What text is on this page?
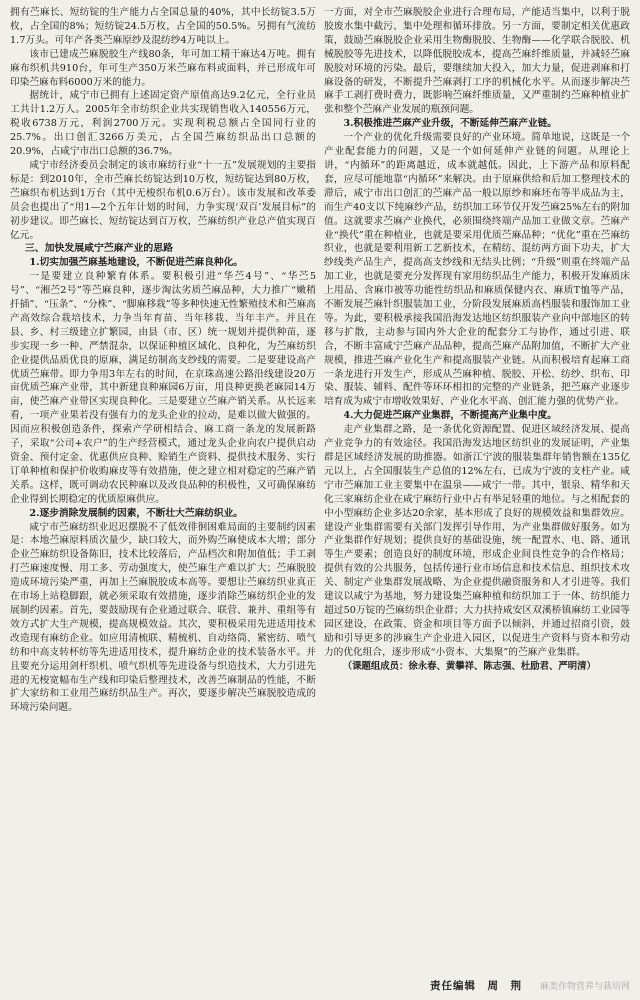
拥有苎麻长、短纺锭的生产能力占全国总量的40%，其中长纺锭3.5万枚，占全国的8%；短纺锭24.5万枚，占全国的50.5%。另拥有气流纺1.7万头。可年产各类苎麻原纱及混纺纱4万吨以上。

该市已建成苎麻脱胶生产线80条，年可加工精干麻达4万吨。拥有麻布织机共910台，年可生产350万米苎麻布料或面料，并已形成年可印染苎麻布料6000万米的能力。

据统计，咸宁市已拥有上述固定资产原值高达9.2亿元，全行业员工共计1.2万人。2005年全市纺织企业共实现销售收入140556万元，税收6738万元，利润2700万元。实现利税总额占全国同行业的25.7%。出口创汇3266万美元，占全国苎麻纺织品出口总额的20.9%，占咸宁市出口总额的36.7%。

咸宁市经济委员会制定的该市麻纺行业“十一五”发展规划的主要指标是：到2010年，全市苎麻长纺锭达到10万枚，短纺锭达到80万枚，苎麻织布机达到1万台（其中无梭织布机0.6万台）。该市发展和改革委员会也提出了“用1—2个五年计划的时间，力争实现‘双百’发展目标”的初步建议。即苎麻长、短纺锭达到百万枚，苎麻纺织产业总产值实现百亿元。

三、加快发展咸宁苎麻产业的思路

1.切实加强苎麻基地建设，不断促进苎麻良种化。

一是要建立良种繁育体系。要积极引进“华苎4号”、“华苎5号”、“湘苎2号”等苎麻良种，逐步淘汰劣质苎麻品种，大力推广“嫩稍扦插”、“压条”、“分株”、“脚麻移栽”等多种快速无性繁殖技术和苎麻高产高效综合栽培技术，力争当年育苗、当年移栽、当年丰产。并且在县、乡、村三级建立扩繁园，由县（市、区）统一规划并提供种苗，逐步实现一乡一种、严禁混杂，以保证种植区域化、良种化，为苎麻纺织企业提供品质优良的原麻，满足纺制高支纱线的需要。二是要建设高产优质苎麻带。即力争用3年左右的时间，在京珠高速公路沿线建设20万亩优质苎麻产业带，其中新建良种麻园6万亩，用良种更换老麻园14万亩，使苎麻产业带区实现良种化。三是要建立苎麻产销关系。从长远来看，一项产业果若没有强有力的龙头企业的拉动，是难以做大做强的。因而应积极创造条件，探索产学研相结合、麻工商一条龙的发展新路子，采取“公司+农户”的生产经营模式，通过龙头企业向农户提供启动资金、预付定金、优惠供应良种、赊销生产资料、提供技术服务、实行订单种植和保护价收购麻皮等有效措施，使之建立相对稳定的苎麻产销关系。这样，既可调动农民种麻以及改良品种的积极性，又可确保麻纺企业得到长期稳定的优质原麻供应。

2.逐步消除发展制约因素，不断壮大苎麻纺织业。

咸宁市苎麻纺织业迟迟摆脱不了低效徘徊困难局面的主要制约因素是：本地苎麻原料质次量少，缺口较大，而外购苎麻使成本大增；部分企业苎麻纺织设备陈旧，技术比较落后，产品档次和附加值低；手工剥打苎麻速度慢、用工多、劳动强度大，使苎麻生产难以扩大；苎麻脱胶造成环境污染严重，再加上苎麻脱胶成本高等。要想让苎麻纺织业真正在市场上站稳脚跟，就必须采取有效措施，逐步消除苎麻纺织企业的发展制约因素。首先，要鼓励现有企业通过联合、联营、兼并、重组等有效方式扩大生产规模，提高规模效益。其次，要积极采用先进适用技术改造现有麻纺企业。如应用清梳联、精梳机、自动络筒、紧密纺、喷气纺和中高支转杯纺等先进适用技术，提升麻纺企业的技术装备水平。并且要充分运用剑杆织机、喷气织机等先进设备与织造技术，大力引进先进的无梭宽幅布生产线和印染后整理技术，改善苎麻制品的性能，不断扩大家纺和工业用苎麻纺织品生产。再次，要逐步解决苎麻脱胶造成的环境污染问题。

一方面，对全市苎麻脱胶企业进行合理布局，产能适当集中，以利于脱胶废水集中截污、集中处理和循环排放。另一方面，要制定相关优惠政策，鼓励苎麻脱胶企业采用生物酶脱胶、生物酶——化学联合脱胶、机械脱胶等先进技术，以降低脱胶成本，提高苎麻纤维质量，并减轻苎麻脱胶对环境的污染。最后，要继续加大投入，加大力量，促进剥麻和打麻设备的研发，不断提升苎麻剥打工序的机械化水平。从而逐步解决苎麻手工剥打费时费力，既影响苎麻纤维质量，又严重制约苎麻种植业扩张和整个苎麻产业发展的瓶颈问题。

3.积极推进苎麻产业升级，不断延伸苎麻产业链。

一个产业的优化升级需要良好的产业环境。简单地说，这既是一个产业配套能力的问题，又是一个如何延伸产业链的问题。从理论上讲，“内循环”的距离越近，成本就越低。因此，上下游产品和原料配套，应尽可能地靠“内循环”来解决。由于原麻供给和后加工整理技术的滞后，咸宁市出口创汇的苎麻产品一般以原纱和麻坯布等半成品为主，而生产40支以下纯麻纱产品，纺织加工环节仅开发苎麻25%左右的附加值。这就要求苎麻产业换代，必须围绕终端产品加工业做文章。苎麻产业“换代”重在种植业，也就是要采用优质苎麻品种；“优化”重在苎麻纺织业，也就是要利用新工艺新技术，在精纺、混纺两方面下功夫，扩大纱线类产品生产，提高高支纱线和无结头比例；“升级”则重在终端产品加工业，也就是要充分发挥现有家用纺织品生产能力，积极开发麻质床上用品、含麻巾被等功能性纺织品和麻质保健内衣、麻质T恤等产品，不断发展苎麻针织服装加工业，分阶段发展麻质高档服装和服饰加工业等。为此，要积极承接我国沿海发达地区纺织服装产业向中部地区的转移与扩散，主动参与国内外大企业的配套分工与协作，通过引进、联合，不断丰富咸宁苎麻产品品种，提高苎麻产品附加值，不断扩大产业规模，推进苎麻产业化生产和提高服装产业链。从而积极培育起麻工商一条龙进行开发生产，形成从苎麻种植、脱胶、开松、纺纱、织布、印染、服装、辅料、配件等环环相扣的完整的产业链条，把苎麻产业逐步培育成为咸宁市增收效果好、产业化水平高、创汇能力强的优势产业。

4.大力促进苎麻产业集群，不断提高产业集中度。

走产业集群之路，是一条优化资源配置、促进区域经济发展、提高产业竞争力的有效途径。我国沿海发达地区纺织业的发展证明，产业集群是区域经济发展的助推器。如浙江宁波的服装集群年销售额在135亿元以上，占全国服装生产总值的12%左右，已成为宁波的支柱产业。咸宁市苎麻加工业主要集中在温泉——咸宁一带。其中，银泉、精华和天化三家麻纺企业在咸宁麻纺行业中占有举足轻重的地位。与之相配套的中小型麻纺企业多达20余家，基本形成了良好的规模效益和集群效应。建设产业集群需要有关部门发挥引导作用，为产业集群做好服务。如为产业集群作好规划；提供良好的基础设施，统一配置水、电、路、通讯等生产要素；创造良好的制度环境，形成企业间良性竞争的合作格局；提供有效的公共服务，包括传递行业市场信息和技术信息、组织技术攻关、制定产业集群发展战略、为企业提供融资服务和人才引进等。我们建议以咸宁为基地，努力建设集苎麻种植和纺织加工于一体、纺织能力超过50万锭的苎麻纺织企业群；大力扶持咸安区双溪桥镇麻纺工业园等园区建设，在政策、资金和项目等方面予以倾斜，并通过招商引资，鼓励和引导更多的涉麻生产企业进入园区，以促进生产资料与资本和劳动力的优化组合，逐步形成“小资本、大集聚”的苎麻产业集群。

（课题组成员：徐永春、黄攀祥、陈志强、杜励君、严明清）

责任编辑　周　荆 麻类作物营养与栽培网
